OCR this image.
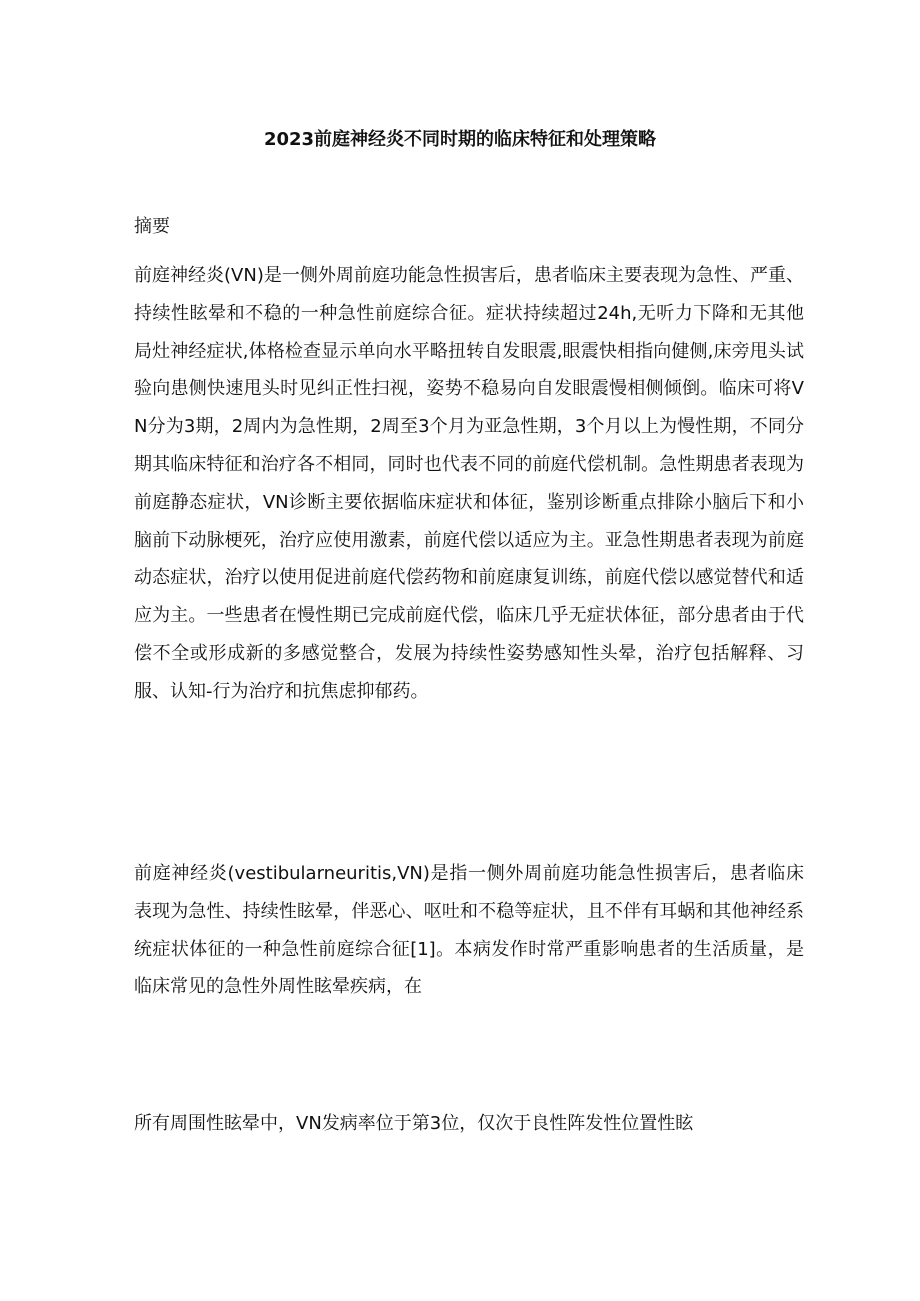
2023前庭神经炎不同时期的临床特征和处理策略
摘要

前庭神经炎(VN)是一侧外周前庭功能急性损害后，患者临床主要表现为急性、严重、持续性眩晕和不稳的一种急性前庭综合征。症状持续超过24h,无听力下降和无其他局灶神经症状,体格检查显示单向水平略扭转自发眼震,眼震快相指向健侧,床旁甩头试验向患侧快速甩头时见纠正性扫视，姿势不稳易向自发眼震慢相侧倾倒。临床可将VN分为3期，2周内为急性期，2周至3个月为亚急性期，3个月以上为慢性期，不同分期其临床特征和治疗各不相同，同时也代表不同的前庭代偿机制。急性期患者表现为前庭静态症状，VN诊断主要依据临床症状和体征，鉴别诊断重点排除小脑后下和小脑前下动脉梗死，治疗应使用激素，前庭代偿以适应为主。亚急性期患者表现为前庭动态症状，治疗以使用促进前庭代偿药物和前庭康复训练，前庭代偿以感觉替代和适应为主。一些患者在慢性期已完成前庭代偿，临床几乎无症状体征，部分患者由于代偿不全或形成新的多感觉整合，发展为持续性姿势感知性头晕，治疗包括解释、习服、认知-行为治疗和抗焦虑抑郁药。

前庭神经炎(vestibularneuritis,VN)是指一侧外周前庭功能急性损害后，患者临床表现为急性、持续性眩晕，伴恶心、呕吐和不稳等症状，且不伴有耳蜗和其他神经系统症状体征的一种急性前庭综合征[1]。本病发作时常严重影响患者的生活质量，是临床常见的急性外周性眩晕疾病，在

所有周围性眩晕中，VN发病率位于第3位，仅次于良性阵发性位置性眩
